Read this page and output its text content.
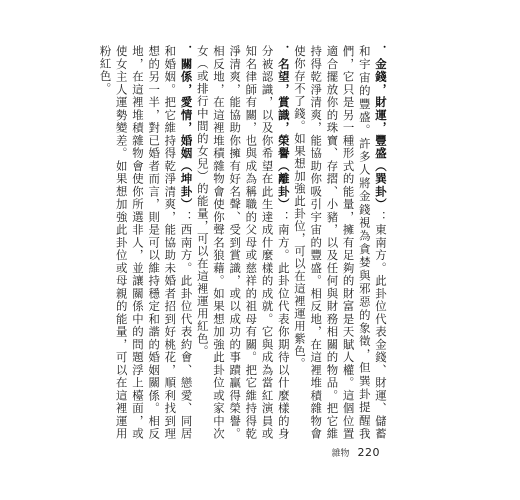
．金錢，財運，豐盛（巽卦）：東南方。此卦位代表金錢、財運、儲蓄和宇宙的豐盛。許多人將金錢視為貪婪與邪惡的象徵，但巽卦提醒我們，它只是另一種形式的能量，擁有足夠的財富是天賦人權。這個位置適合擺放你的珠寶、存摺、小豬，以及任何與財務相關的物品。把它維持得乾淨清爽，能協助你吸引宇宙的豐盛。相反地，在這裡堆積雜物會使你存不了錢。如果想加強此卦位，可以在這裡運用紫色。

．名望，賞識，榮譽（離卦）：南方。此卦位代表你期待以什麼樣的身分被認識，以及你希望在此生達成什麼樣的成就。它與成為當紅演員或知名律師有關，也與成為稱職的父母或慈祥的祖母有關。把它維持得乾淨清爽，能協助你擁有好名聲、受到賞識，或以成功的事蹟贏得榮譽。相反地，在這裡堆積雜物會使你聲名狼藉。如果想加強此卦位或家中次女（或排行中間的女兒）的能量，可以在這裡運用紅色。

．關係，愛情，婚姻（坤卦）：西南方。此卦位代表約會、戀愛、同居和婚姻。把它維持得乾淨清爽，能協助未婚者招到好桃花，順利找到理想的另一半，對已婚者而言，則是可以維持穩定和諧的婚姻關係。相反地，在這裡堆積雜物會使你所選非人，並讓關係中的問題浮上檯面，或使女主人運勢變差。如果想加強此卦位或母親的能量，可以在這裡運用粉紅色。

雜物 220
